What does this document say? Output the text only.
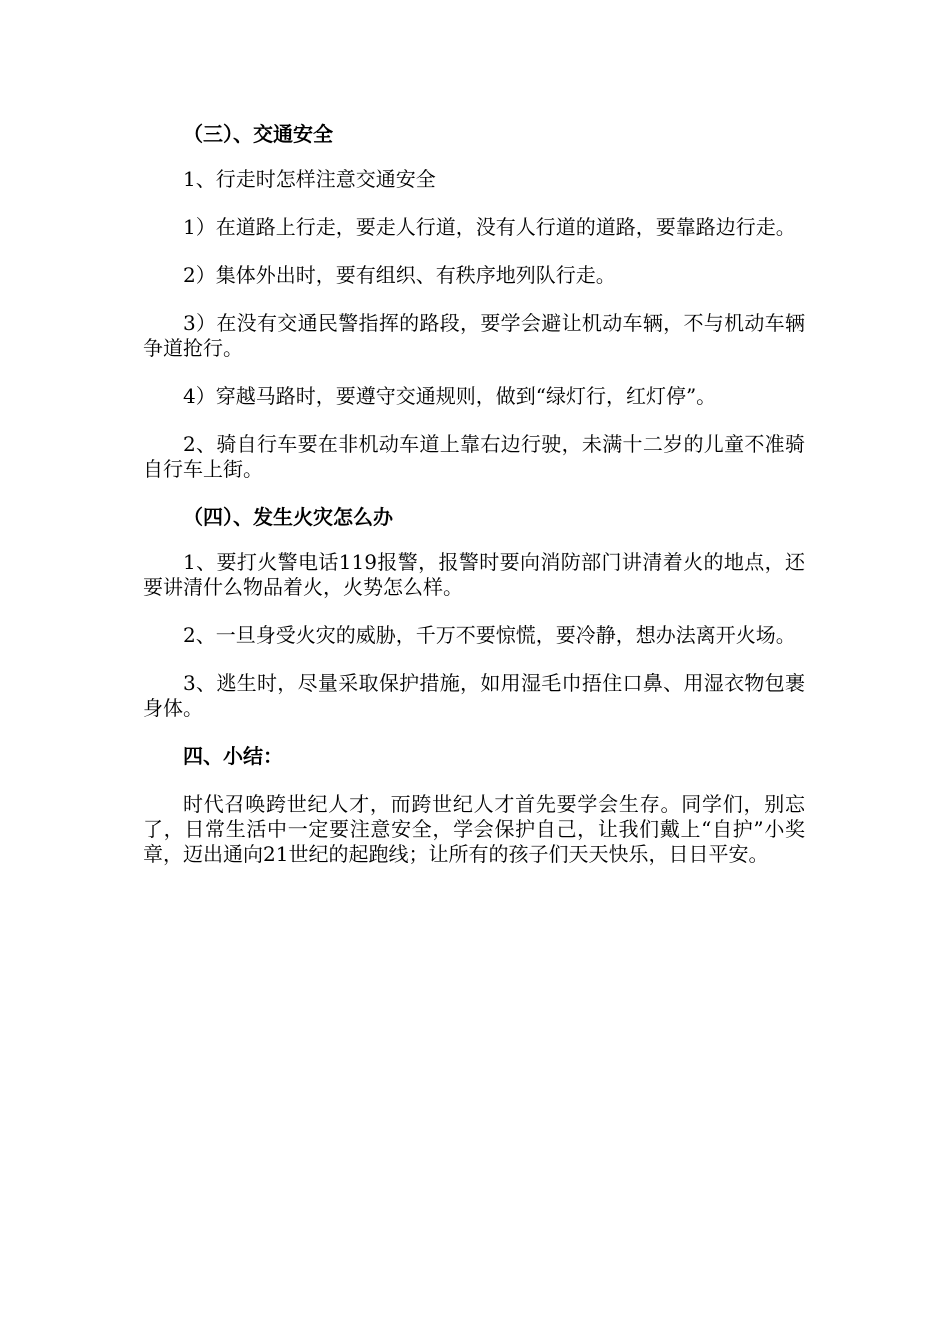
（三）、交通安全

1、行走时怎样注意交通安全

1）在道路上行走，要走人行道，没有人行道的道路，要靠路边行走。

2）集体外出时，要有组织、有秩序地列队行走。

3）在没有交通民警指挥的路段，要学会避让机动车辆，不与机动车辆争道抢行。

4）穿越马路时，要遵守交通规则，做到“绿灯行，红灯停”。

2、骑自行车要在非机动车道上靠右边行驶，未满十二岁的儿童不准骑自行车上街。

（四）、发生火灾怎么办

1、要打火警电话119报警，报警时要向消防部门讲清着火的地点，还要讲清什么物品着火，火势怎么样。

2、一旦身受火灾的威胁，千万不要惊慌，要冷静，想办法离开火场。

3、逃生时，尽量采取保护措施，如用湿毛巾捂住口鼻、用湿衣物包裹身体。

四、小结：

时代召唤跨世纪人才，而跨世纪人才首先要学会生存。同学们，别忘了，日常生活中一定要注意安全，学会保护自己，让我们戴上“自护”小奖章，迈出通向21世纪的起跑线；让所有的孩子们天天快乐，日日平安。
